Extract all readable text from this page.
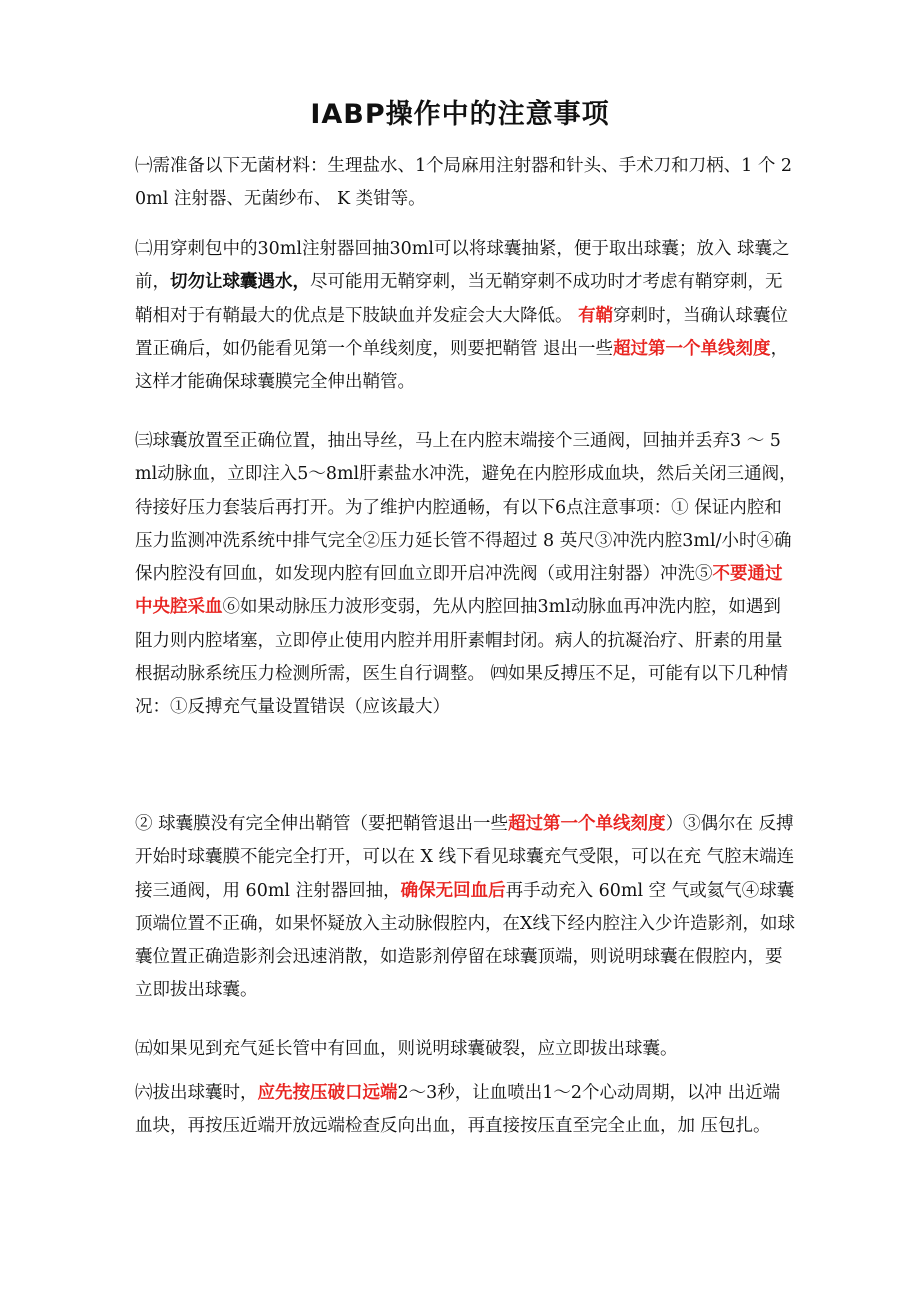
IABP操作中的注意事项

㈠需准备以下无菌材料：生理盐水、1个局麻用注射器和针头、手术刀和刀柄、1 个 20ml 注射器、无菌纱布、 K 类钳等。

㈡用穿刺包中的30ml注射器回抽30ml可以将球囊抽紧，便于取出球囊；放入 球囊之前，切勿让球囊遇水，尽可能用无鞘穿刺，当无鞘穿刺不成功时才考虑有鞘穿刺，无鞘相对于有鞘最大的优点是下肢缺血并发症会大大降低。 有鞘穿刺时，当确认球囊位置正确后，如仍能看见第一个单线刻度，则要把鞘管 退出一些超过第一个单线刻度，这样才能确保球囊膜完全伸出鞘管。

㈢球囊放置至正确位置，抽出导丝，马上在内腔末端接个三通阀，回抽并丢弃3 ～ 5ml动脉血，立即注入5～8ml肝素盐水冲洗，避免在内腔形成血块，然后关闭三通阀，待接好压力套装后再打开。为了维护内腔通畅，有以下6点注意事项：① 保证内腔和压力监测冲洗系统中排气完全②压力延长管不得超过 8 英尺③冲洗内腔3ml/小时④确保内腔没有回血，如发现内腔有回血立即开启冲洗阀（或用注射器）冲洗⑤不要通过中央腔采血⑥如果动脉压力波形变弱，先从内腔回抽3ml动脉血再冲洗内腔，如遇到阻力则内腔堵塞，立即停止使用内腔并用肝素帽封闭。病人的抗凝治疗、肝素的用量根据动脉系统压力检测所需，医生自行调整。 ㈣如果反搏压不足，可能有以下几种情况：①反搏充气量设置错误（应该最大）

② 球囊膜没有完全伸出鞘管（要把鞘管退出一些超过第一个单线刻度）③偶尔在 反搏开始时球囊膜不能完全打开，可以在 X 线下看见球囊充气受限，可以在充 气腔末端连接三通阀，用 60ml 注射器回抽，确保无回血后再手动充入 60ml 空 气或氦气④球囊顶端位置不正确，如果怀疑放入主动脉假腔内，在X线下经内腔注入少许造影剂，如球囊位置正确造影剂会迅速消散，如造影剂停留在球囊顶端，则说明球囊在假腔内，要立即拔出球囊。

㈤如果见到充气延长管中有回血，则说明球囊破裂，应立即拔出球囊。

㈥拔出球囊时，应先按压破口远端2～3秒，让血喷出1～2个心动周期，以冲 出近端血块，再按压近端开放远端检查反向出血，再直接按压直至完全止血，加 压包扎。
